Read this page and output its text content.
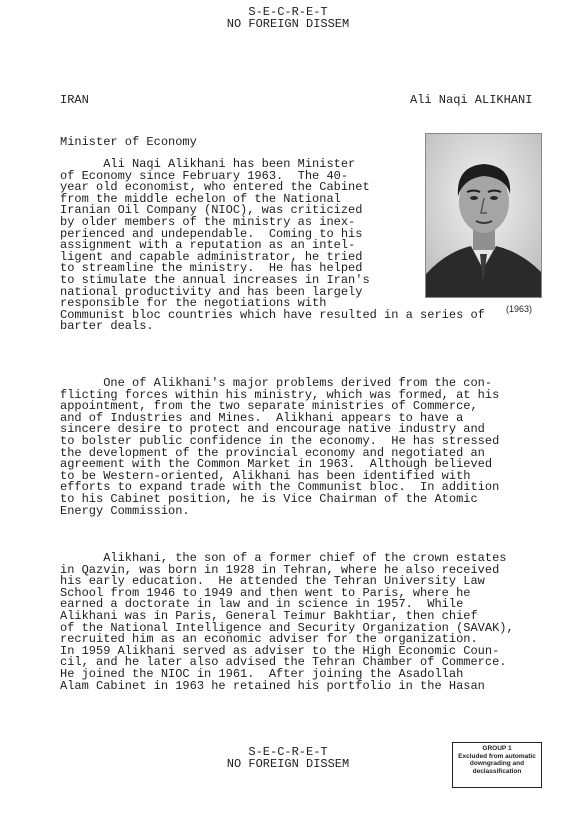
S-E-C-R-E-T
NO FOREIGN DISSEM
IRAN	Ali Naqi ALIKHANI
Minister of Economy
(1963)
Ali Naqi Alikhani has been Minister
of Economy since February 1963.  The 40-
year old economist, who entered the Cabinet
from the middle echelon of the National
Iranian Oil Company (NIOC), was criticized
by older members of the ministry as inex-
perienced and undependable.  Coming to his
assignment with a reputation as an intel-
ligent and capable administrator, he tried
to streamline the ministry.  He has helped
to stimulate the annual increases in Iran's
national productivity and has been largely
responsible for the negotiations with
Communist bloc countries which have resulted in a series of
barter deals.
One of Alikhani's major problems derived from the con-
flicting forces within his ministry, which was formed, at his
appointment, from the two separate ministries of Commerce,
and of Industries and Mines.  Alikhani appears to have a
sincere desire to protect and encourage native industry and
to bolster public confidence in the economy.  He has stressed
the development of the provincial economy and negotiated an
agreement with the Common Market in 1963.  Although believed
to be Western-oriented, Alikhani has been identified with
efforts to expand trade with the Communist bloc.  In addition
to his Cabinet position, he is Vice Chairman of the Atomic
Energy Commission.
Alikhani, the son of a former chief of the crown estates
in Qazvin, was born in 1928 in Tehran, where he also received
his early education.  He attended the Tehran University Law
School from 1946 to 1949 and then went to Paris, where he
earned a doctorate in law and in science in 1957.  While
Alikhani was in Paris, General Teimur Bakhtiar, then chief
of the National Intelligence and Security Organization (SAVAK),
recruited him as an economic adviser for the organization.
In 1959 Alikhani served as adviser to the High Economic Coun-
cil, and he later also advised the Tehran Chamber of Commerce.
He joined the NIOC in 1961.  After joining the Asadollah
Alam Cabinet in 1963 he retained his portfolio in the Hasan
S-E-C-R-E-T
NO FOREIGN DISSEM
GROUP 1
Excluded from automatic
downgrading and
declassification
